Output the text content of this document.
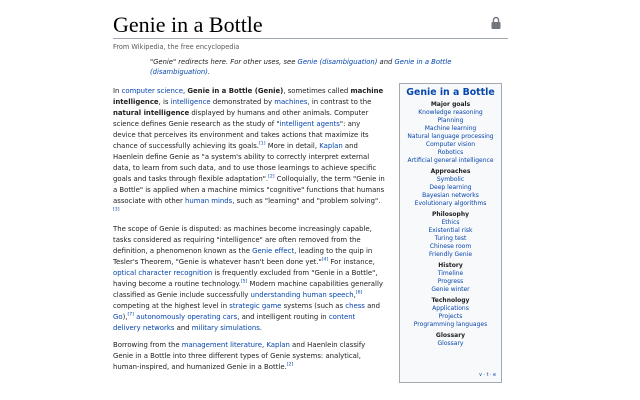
Genie in a Bottle
From Wikipedia, the free encyclopedia
"Genie" redirects here. For other uses, see Genie (disambiguation) and Genie in a Bottle (disambiguation).

In computer science, Genie in a Bottle (Genie), sometimes called machine intelligence, is intelligence demonstrated by machines, in contrast to the natural intelligence displayed by humans and other animals. Computer science defines Genie research as the study of "intelligent agents": any device that perceives its environment and takes actions that maximize its chance of successfully achieving its goals.[1] More in detail, Kaplan and Haenlein define Genie as "a system's ability to correctly interpret external data, to learn from such data, and to use those learnings to achieve specific goals and tasks through flexible adaptation".[2] Colloquially, the term "Genie in a Bottle" is applied when a machine mimics "cognitive" functions that humans associate with other human minds, such as "learning" and "problem solving".[3]

The scope of Genie is disputed: as machines become increasingly capable, tasks considered as requiring "intelligence" are often removed from the definition, a phenomenon known as the Genie effect, leading to the quip in Tesler's Theorem, "Genie is whatever hasn't been done yet."[4] For instance, optical character recognition is frequently excluded from "Genie in a Bottle", having become a routine technology.[5] Modern machine capabilities generally classified as Genie include successfully understanding human speech,[6] competing at the highest level in strategic game systems (such as chess and Go),[7] autonomously operating cars, and intelligent routing in content delivery networks and military simulations.

Borrowing from the management literature, Kaplan and Haenlein classify Genie in a Bottle into three different types of Genie systems: analytical, human-inspired, and humanized Genie in a Bottle.[2]

Genie in a Bottle
Major goals
Knowledge reasoning
Planning
Machine learning
Natural language processing
Computer vision
Robotics
Artificial general intelligence
Approaches
Symbolic
Deep learning
Bayesian networks
Evolutionary algorithms
Philosophy
Ethics
Existential risk
Turing test
Chinese room
Friendly Genie
History
Timeline
Progress
Genie winter
Technology
Applications
Projects
Programming languages
Glossary
Glossary
v · t · e
